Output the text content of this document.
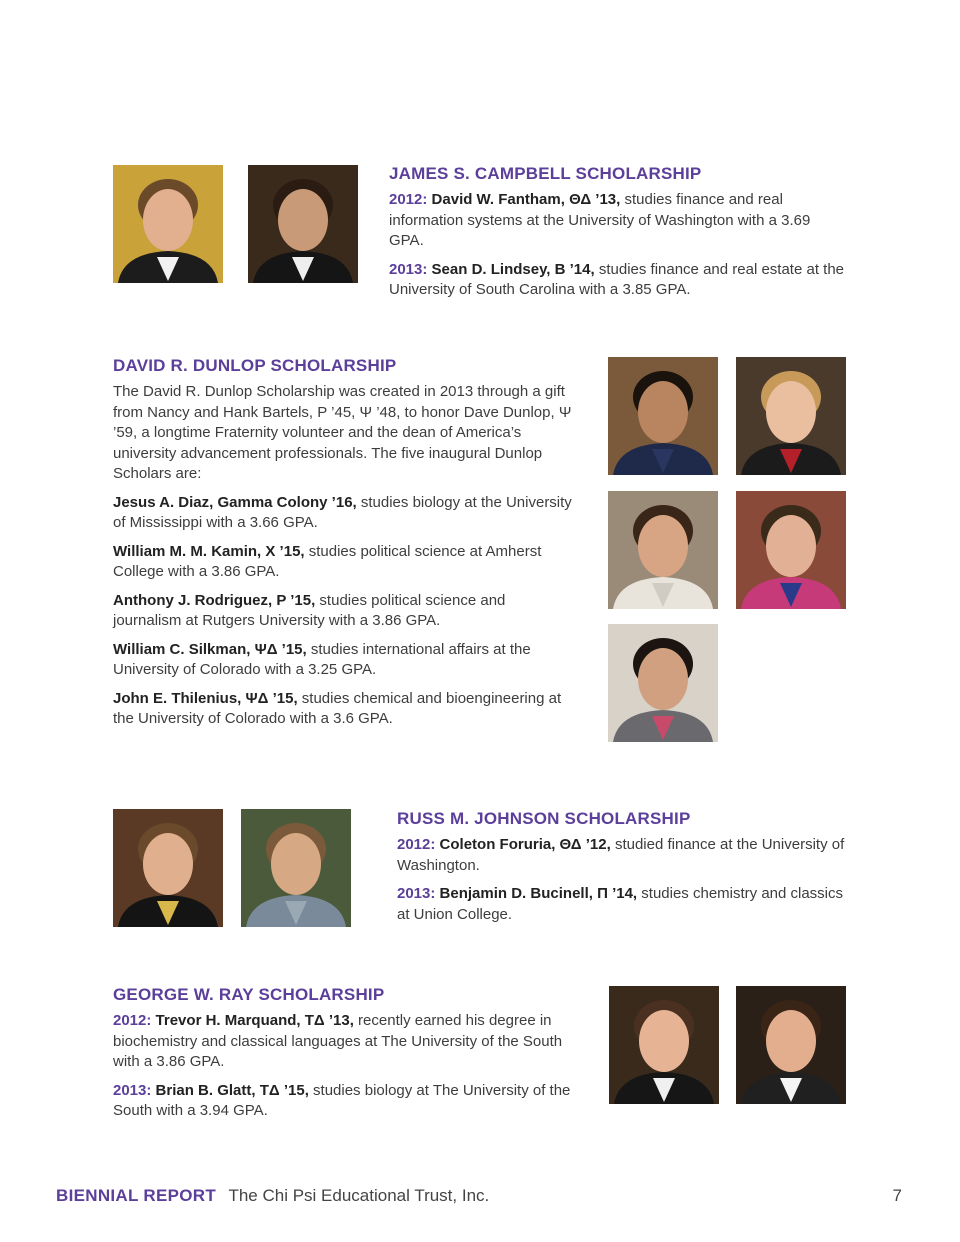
JAMES S. CAMPBELL SCHOLARSHIP

2012: David W. Fantham, ΘΔ ’13, studies finance and real information systems at the University of Washington with a 3.69 GPA.

2013: Sean D. Lindsey, B ’14, studies finance and real estate at the University of South Carolina with a 3.85 GPA.

DAVID R. DUNLOP SCHOLARSHIP

The David R. Dunlop Scholarship was created in 2013 through a gift from Nancy and Hank Bartels, P ’45, Ψ ’48, to honor Dave Dunlop, Ψ ’59, a longtime Fraternity volunteer and the dean of America’s university advancement professionals. The five inaugural Dunlop Scholars are:

Jesus A. Diaz, Gamma Colony ’16, studies biology at the University of Mississippi with a 3.66 GPA.

William M. M. Kamin, X ’15, studies political science at Amherst College with a 3.86 GPA.

Anthony J. Rodriguez, P ’15, studies political science and journalism at Rutgers University with a 3.86 GPA.

William C. Silkman, ΨΔ ’15, studies international affairs at the University of Colorado with a 3.25 GPA.

John E. Thilenius, ΨΔ ’15, studies chemical and bioengineering at the University of Colorado with a 3.6 GPA.

RUSS M. JOHNSON SCHOLARSHIP

2012: Coleton Foruria, ΘΔ ’12, studied finance at the University of Washington.

2013: Benjamin D. Bucinell, Π ’14, studies chemistry and classics at Union College.

GEORGE W. RAY SCHOLARSHIP

2012: Trevor H. Marquand, TΔ ’13, recently earned his degree in biochemistry and classical languages at The University of the South with a 3.86 GPA.

2013: Brian B. Glatt, TΔ ’15, studies biology at The University of the South with a 3.94 GPA.

BIENNIAL REPORT The Chi Psi Educational Trust, Inc.	7
